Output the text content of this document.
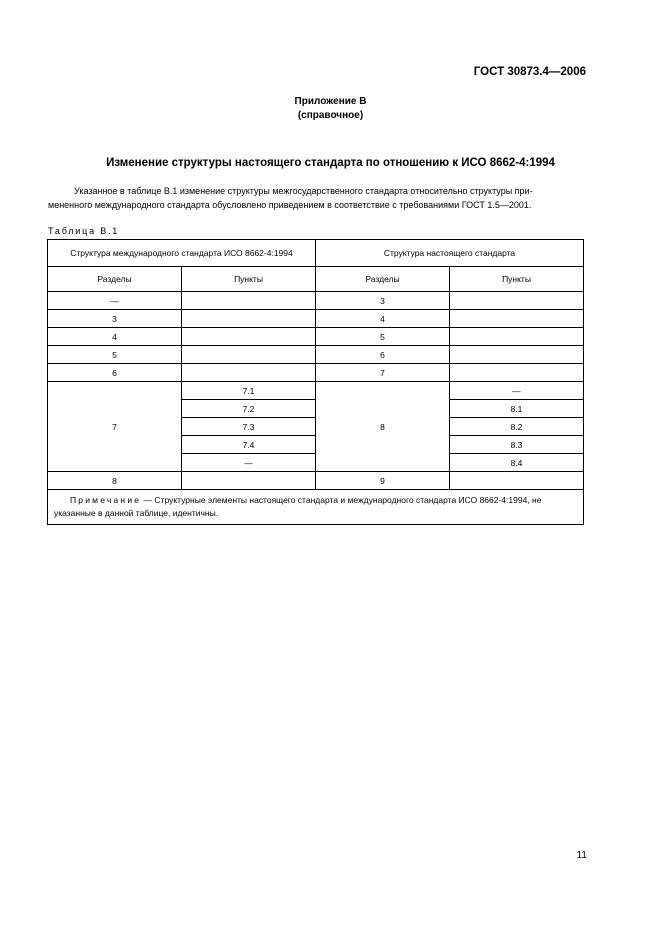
ГОСТ 30873.4—2006
Приложение В
(справочное)
Изменение структуры настоящего стандарта по отношению к ИСО 8662-4:1994
Указанное в таблице В.1 изменение структуры межгосударственного стандарта относительно структуры при-
мененного международного стандарта обусловлено приведением в соответствие с требованиями ГОСТ 1.5—2001.
Таблица В.1
Структура международного стандарта ИСО 8662-4:1994		Структура настоящего стандарта	
Разделы	Пункты	Разделы	Пункты
—		3	
3		4	
4		5	
5		6	
6		7	
7	7.1	8	—
	7.2		8.1
	7.3		8.2
	7.4		8.3
	—		8.4
8		9	

Примечание — Структурные элементы настоящего стандарта и международного стандарта ИСО 8662-4:1994, не указанные в данной таблице, идентичны.			
11
